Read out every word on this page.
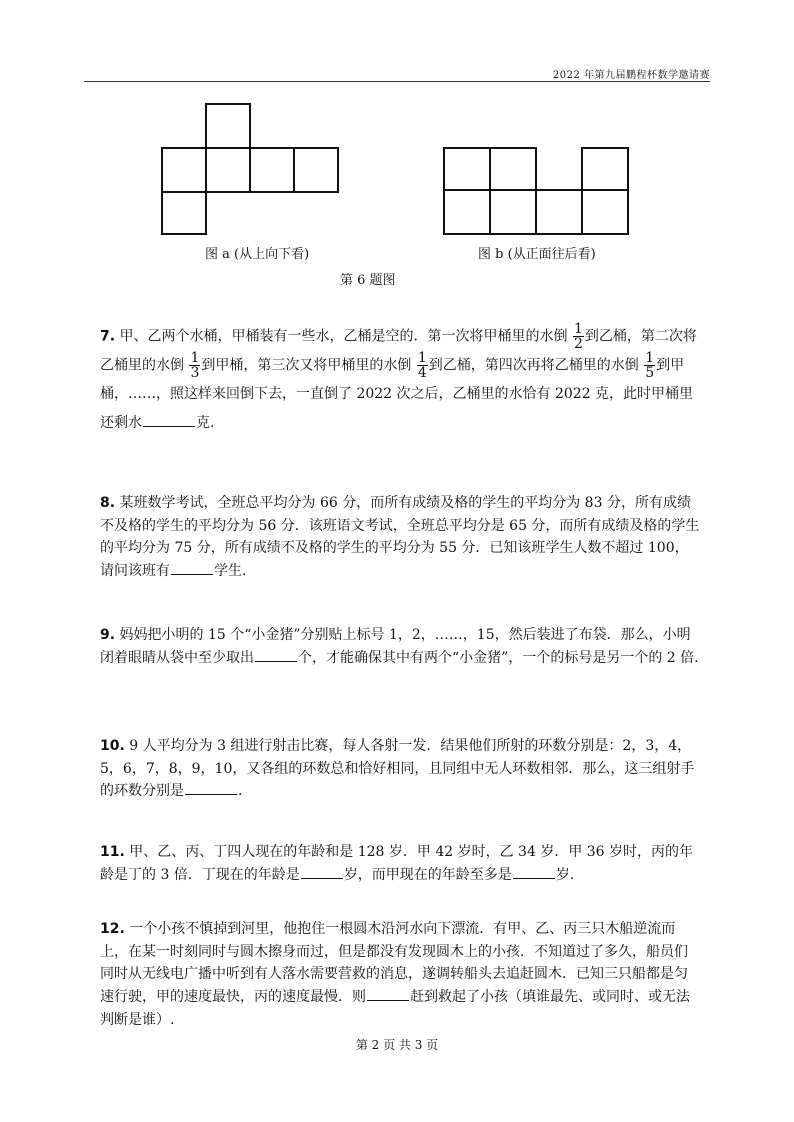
2022 年第九届鹏程杯数学邀请赛
图 a (从上向下看)	图 b (从正面往后看)
第 6 题图

7. 甲、乙两个水桶，甲桶装有一些水，乙桶是空的．第一次将甲桶里的水倒 $\frac{1}{2}$ 到乙桶，第二次将乙桶里的水倒 $\frac{1}{3}$ 到甲桶，第三次又将甲桶里的水倒 $\frac{1}{4}$ 到乙桶，第四次再将乙桶里的水倒 $\frac{1}{5}$ 到甲桶，……，照这样来回倒下去，一直倒了 2022 次之后，乙桶里的水恰有 2022 克，此时甲桶里还剩水	克.

8. 某班数学考试，全班总平均分为 66 分，而所有成绩及格的学生的平均分为 83 分，所有成绩不及格的学生的平均分为 56 分．该班语文考试，全班总平均分是 65 分，而所有成绩及格的学生的平均分为 75 分，所有成绩不及格的学生的平均分为 55 分．已知该班学生人数不超过 100，请问该班有	学生.

9. 妈妈把小明的 15 个“小金猪”分别贴上标号 1，2，……，15，然后装进了布袋．那么，小明闭着眼睛从袋中至少取出	个，才能确保其中有两个“小金猪”，一个的标号是另一个的 2 倍.

10. 9 人平均分为 3 组进行射击比赛，每人各射一发．结果他们所射的环数分别是：2，3，4，5，6，7，8，9，10，又各组的环数总和恰好相同，且同组中无人环数相邻．那么，这三组射手的环数分别是	.

11. 甲、乙、丙、丁四人现在的年龄和是 128 岁．甲 42 岁时，乙 34 岁．甲 36 岁时，丙的年龄是丁的 3 倍．丁现在的年龄是	岁，而甲现在的年龄至多是	岁.

12. 一个小孩不慎掉到河里，他抱住一根圆木沿河水向下漂流．有甲、乙、丙三只木船逆流而上，在某一时刻同时与圆木擦身而过，但是都没有发现圆木上的小孩．不知道过了多久，船员们同时从无线电广播中听到有人落水需要营救的消息，遂调转船头去追赶圆木．已知三只船都是匀速行驶，甲的速度最快，丙的速度最慢．则	赶到救起了小孩（填谁最先、或同时、或无法判断是谁）.

第 2 页 共 3 页
